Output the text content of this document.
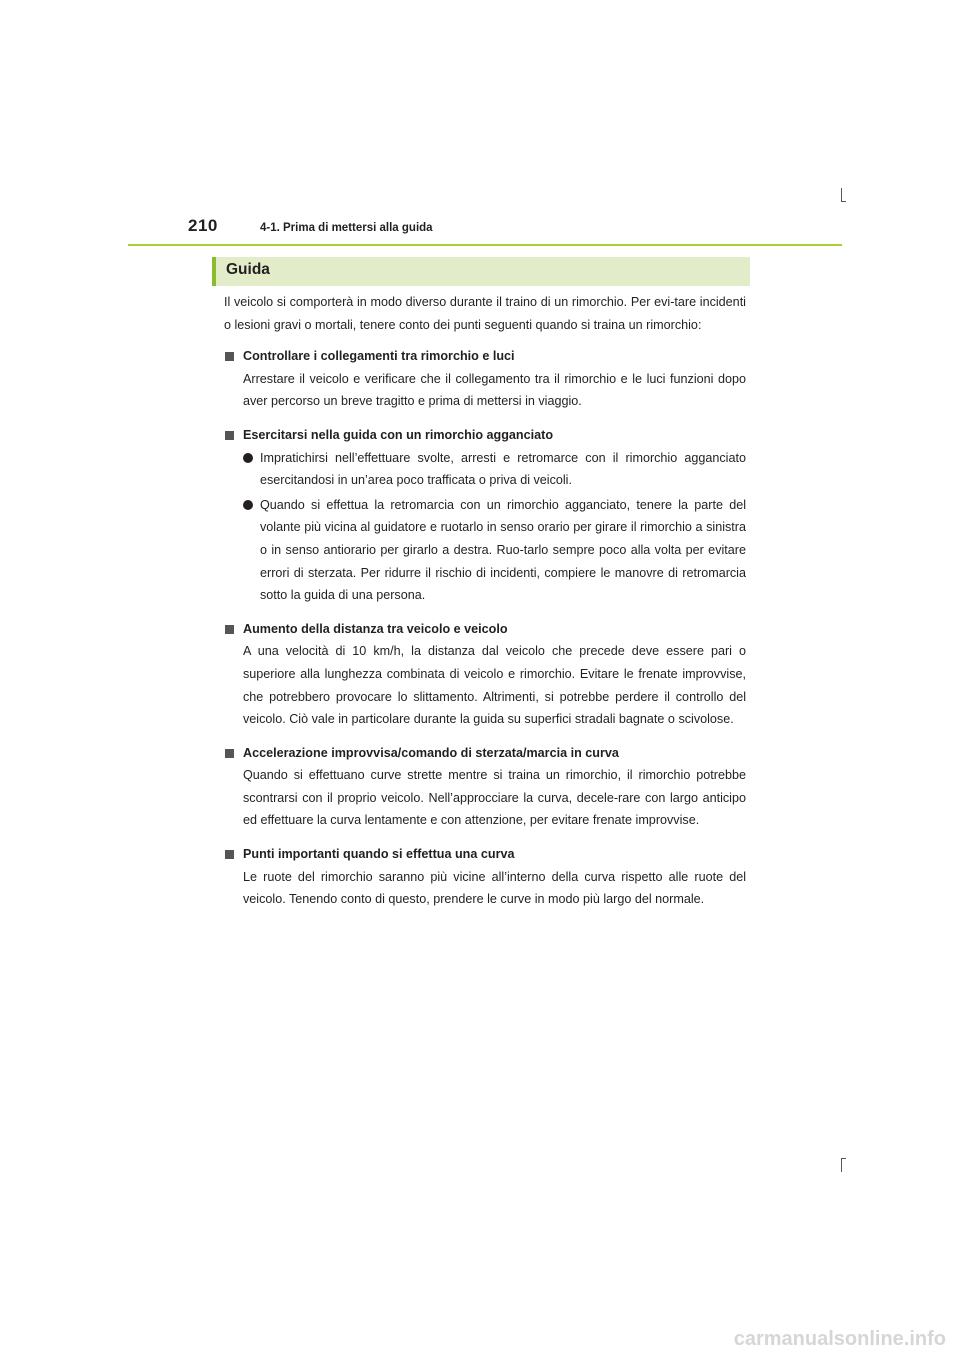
210	4-1. Prima di mettersi alla guida
Guida

Il veicolo si comporterà in modo diverso durante il traino di un rimorchio. Per evi-tare incidenti o lesioni gravi o mortali, tenere conto dei punti seguenti quando si traina un rimorchio:

Controllare i collegamenti tra rimorchio e luci

Arrestare il veicolo e verificare che il collegamento tra il rimorchio e le luci funzioni dopo aver percorso un breve tragitto e prima di mettersi in viaggio.

Esercitarsi nella guida con un rimorchio agganciato

Impratichirsi nell’effettuare svolte, arresti e retromarce con il rimorchio agganciato esercitandosi in un’area poco trafficata o priva di veicoli.
Quando si effettua la retromarcia con un rimorchio agganciato, tenere la parte del volante più vicina al guidatore e ruotarlo in senso orario per girare il rimorchio a sinistra o in senso antiorario per girarlo a destra. Ruo-tarlo sempre poco alla volta per evitare errori di sterzata. Per ridurre il rischio di incidenti, compiere le manovre di retromarcia sotto la guida di una persona.

Aumento della distanza tra veicolo e veicolo

A una velocità di 10 km/h, la distanza dal veicolo che precede deve essere pari o superiore alla lunghezza combinata di veicolo e rimorchio. Evitare le frenate improvvise, che potrebbero provocare lo slittamento. Altrimenti, si potrebbe perdere il controllo del veicolo. Ciò vale in particolare durante la guida su superfici stradali bagnate o scivolose.

Accelerazione improvvisa/comando di sterzata/marcia in curva

Quando si effettuano curve strette mentre si traina un rimorchio, il rimorchio potrebbe scontrarsi con il proprio veicolo. Nell’approcciare la curva, decele-rare con largo anticipo ed effettuare la curva lentamente e con attenzione, per evitare frenate improvvise.

Punti importanti quando si effettua una curva

Le ruote del rimorchio saranno più vicine all’interno della curva rispetto alle ruote del veicolo. Tenendo conto di questo, prendere le curve in modo più largo del normale.

carmanualsonline.info
